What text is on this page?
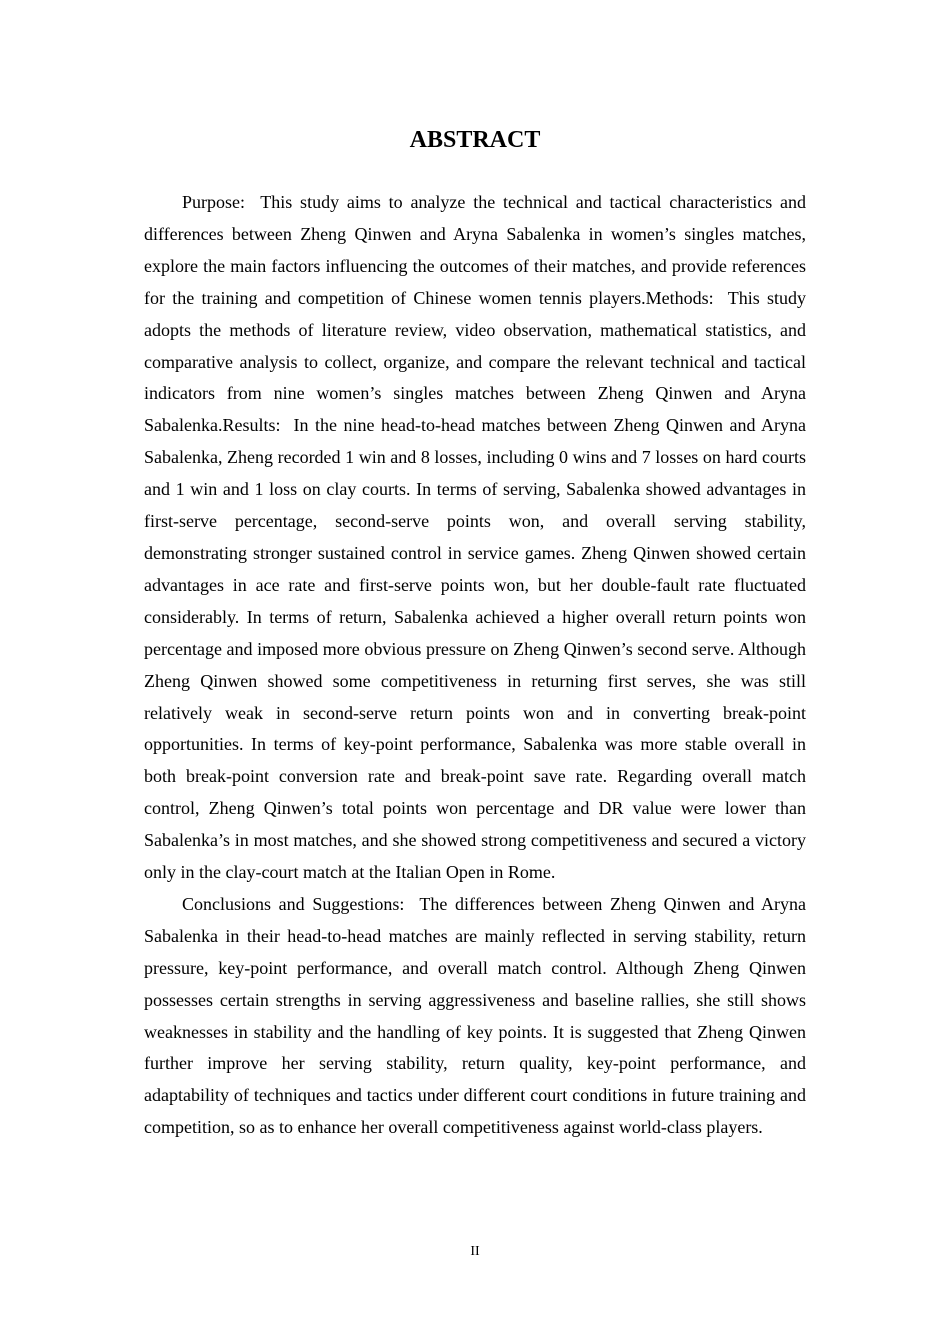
ABSTRACT

Purpose:  This study aims to analyze the technical and tactical characteristics and differences between Zheng Qinwen and Aryna Sabalenka in women’s singles matches, explore the main factors influencing the outcomes of their matches, and provide references for the training and competition of Chinese women tennis players.Methods:  This study adopts the methods of literature review, video observation, mathematical statistics, and comparative analysis to collect, organize, and compare the relevant technical and tactical indicators from nine women’s singles matches between Zheng Qinwen and Aryna Sabalenka.Results:  In the nine head-to-head matches between Zheng Qinwen and Aryna Sabalenka, Zheng recorded 1 win and 8 losses, including 0 wins and 7 losses on hard courts and 1 win and 1 loss on clay courts. In terms of serving, Sabalenka showed advantages in first-serve percentage, second-serve points won, and overall serving stability, demonstrating stronger sustained control in service games. Zheng Qinwen showed certain advantages in ace rate and first-serve points won, but her double-fault rate fluctuated considerably. In terms of return, Sabalenka achieved a higher overall return points won percentage and imposed more obvious pressure on Zheng Qinwen’s second serve. Although Zheng Qinwen showed some competitiveness in returning first serves, she was still relatively weak in second-serve return points won and in converting break-point opportunities. In terms of key-point performance, Sabalenka was more stable overall in both break-point conversion rate and break-point save rate. Regarding overall match control, Zheng Qinwen’s total points won percentage and DR value were lower than Sabalenka’s in most matches, and she showed strong competitiveness and secured a victory only in the clay-court match at the Italian Open in Rome.

Conclusions and Suggestions:  The differences between Zheng Qinwen and Aryna Sabalenka in their head-to-head matches are mainly reflected in serving stability, return pressure, key-point performance, and overall match control. Although Zheng Qinwen possesses certain strengths in serving aggressiveness and baseline rallies, she still shows weaknesses in stability and the handling of key points. It is suggested that Zheng Qinwen further improve her serving stability, return quality, key-point performance, and adaptability of techniques and tactics under different court conditions in future training and competition, so as to enhance her overall competitiveness against world-class players.

II
